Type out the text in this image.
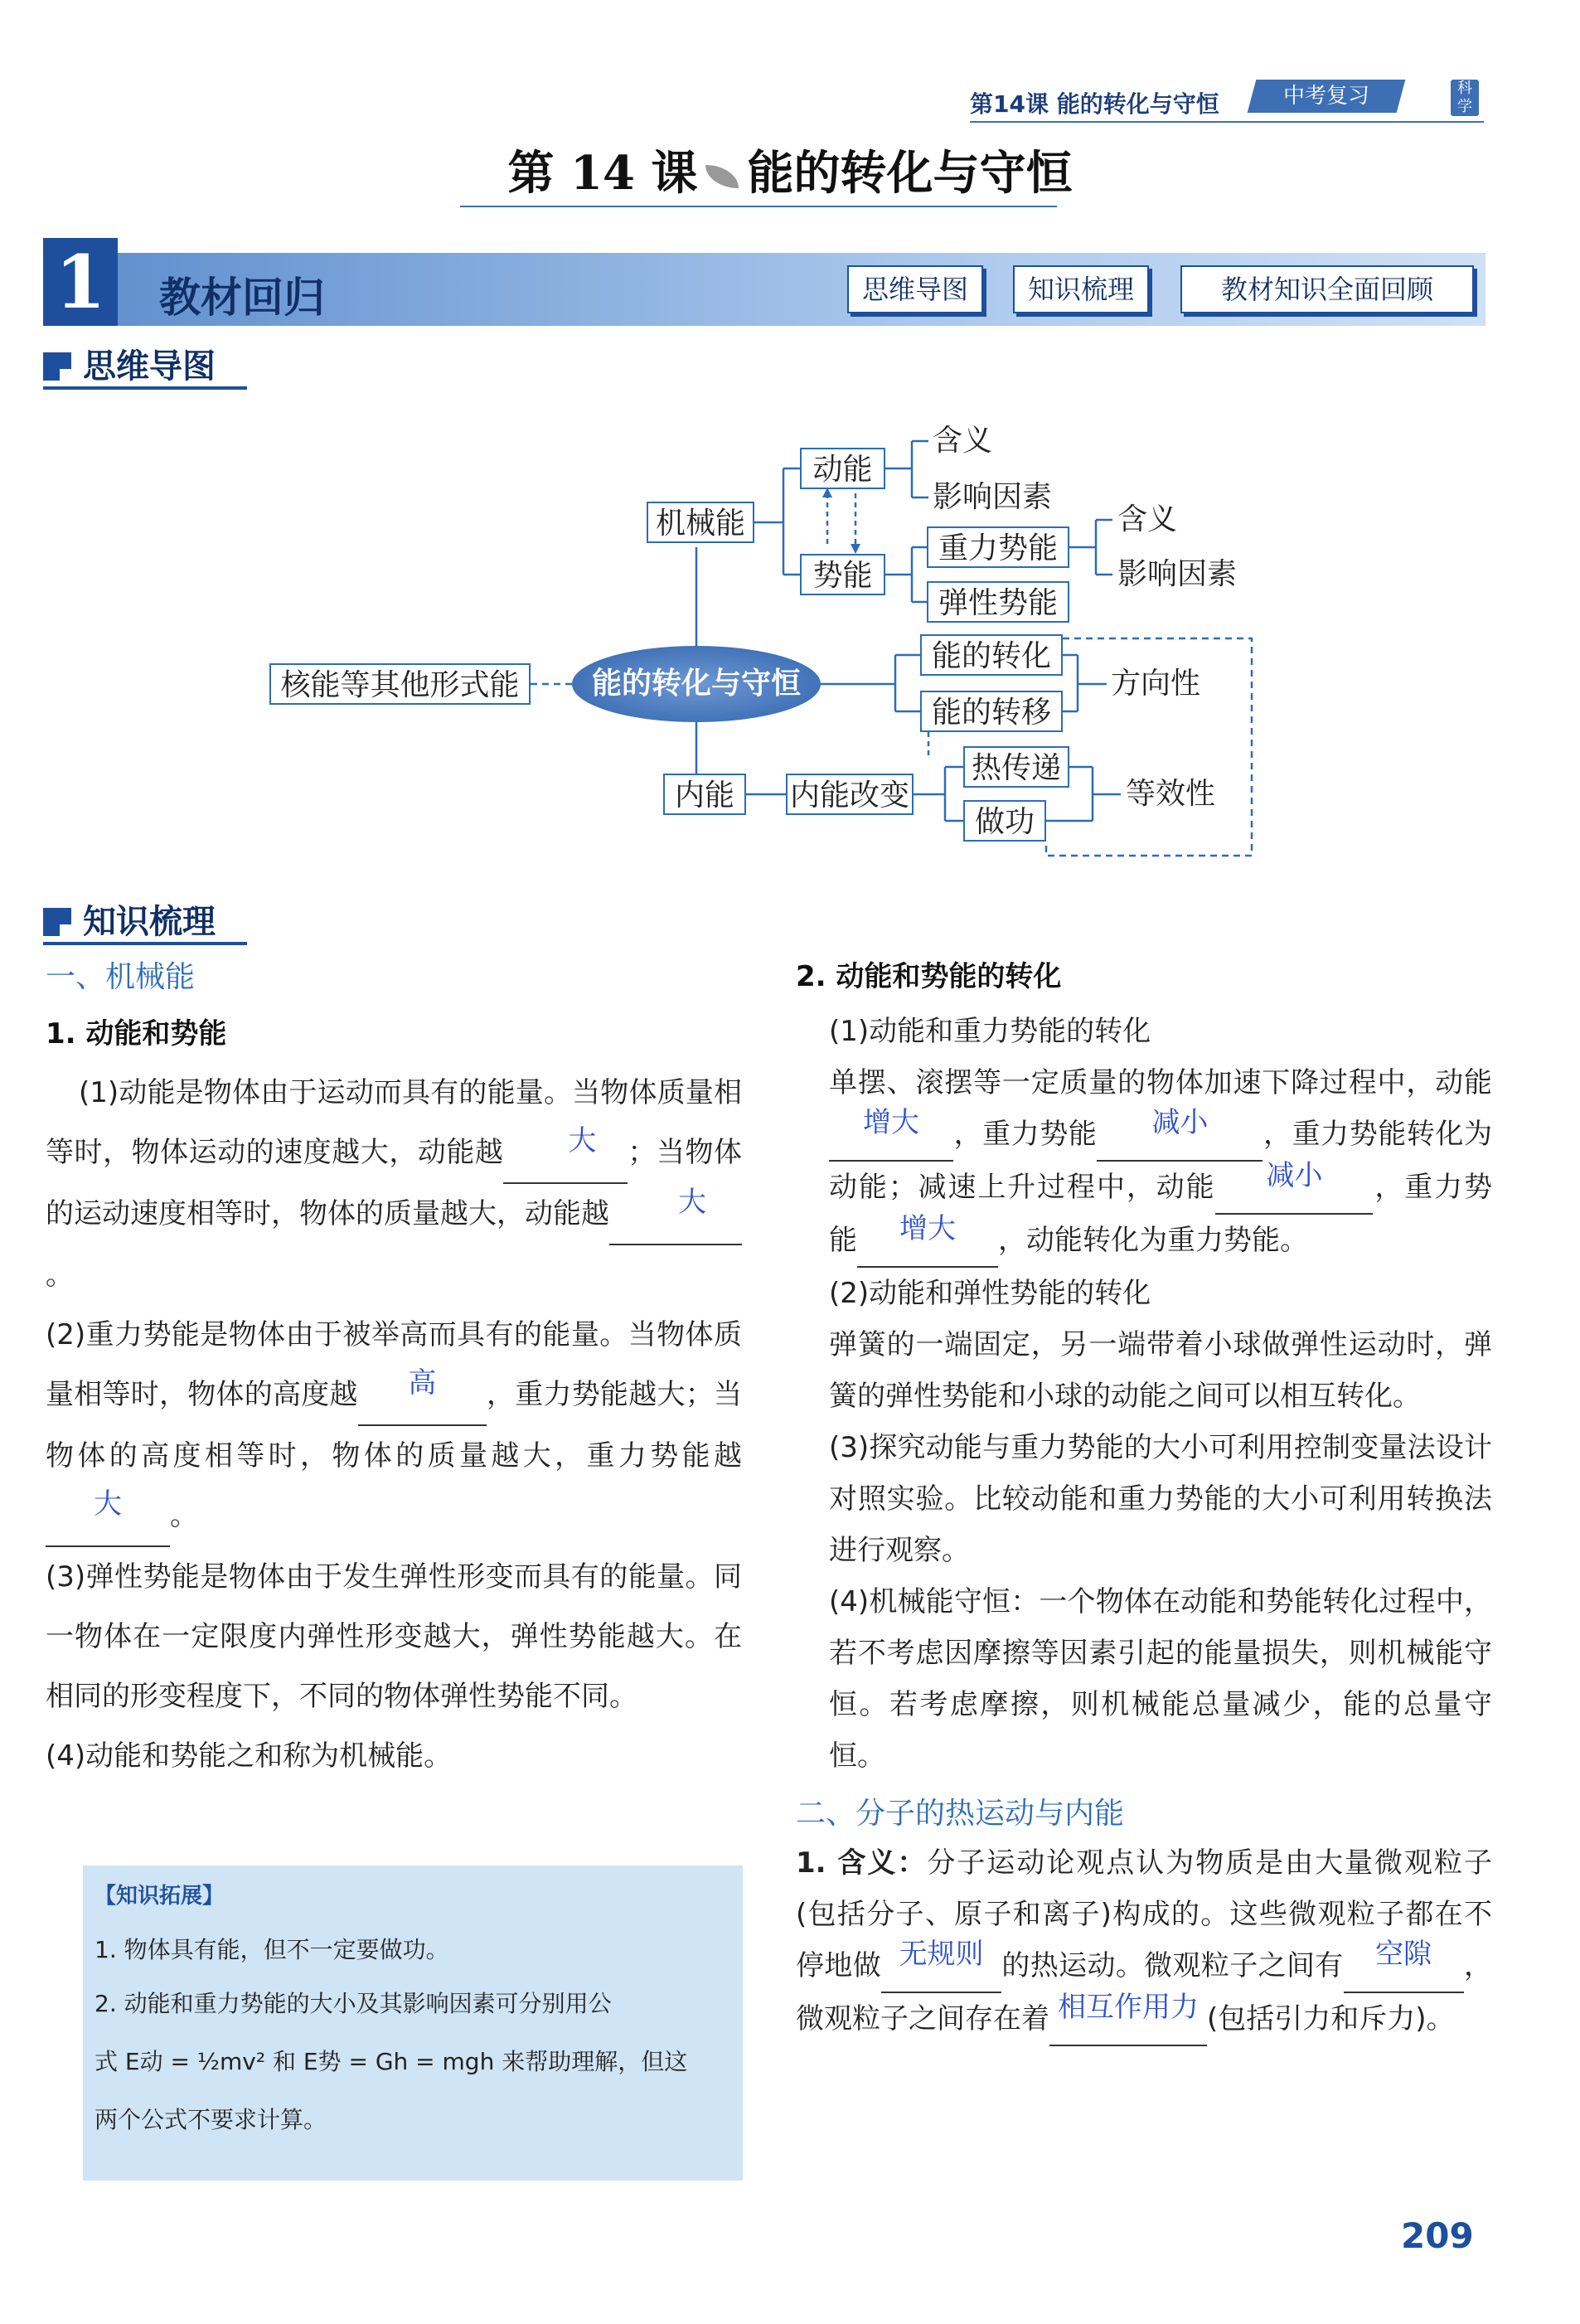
第14课 能的转化与守恒	中考复习	科学
第 14 课 能的转化与守恒
1 教材回归	思维导图	知识梳理	教材知识全面回顾
思维导图
核能等其他形式能	能的转化与守恒
机械能
动能
势能
含义
影响因素
重力势能
弹性势能
含义
影响因素
能的转化
能的转移
方向性
内能	内能改变
热传递
做功
等效性
知识梳理
一、机械能
1. 动能和势能

(1)动能是物体由于运动而具有的能量。当物体质量相等时，物体运动的速度越大，动能越 大 ；当物体的运动速度相等时，物体的质量越大，动能越 大。

(2)重力势能是物体由于被举高而具有的能量。当物体质量相等时，物体的高度越 高 ，重力势能越大；当物体的高度相等时，物体的质量越大，重力势能越大 。

(3)弹性势能是物体由于发生弹性形变而具有的能量。同一物体在一定限度内弹性形变越大，弹性势能越大。在相同的形变程度下，不同的物体弹性势能不同。

(4)动能和势能之和称为机械能。

【知识拓展】
1. 物体具有能，但不一定要做功。
2. 动能和重力势能的大小及其影响因素可分别用公
式 E动 = ½mv² 和 E势 = Gh = mgh 来帮助理解，但这
两个公式不要求计算。
2. 动能和势能的转化

(1)动能和重力势能的转化

单摆、滚摆等一定质量的物体加速下降过程中，动能增大 ，重力势能 减小 ，重力势能转化为动能；减速上升过程中，动能 减小 ，重力势能 增大 ，动能转化为重力势能。

(2)动能和弹性势能的转化

弹簧的一端固定，另一端带着小球做弹性运动时，弹簧的弹性势能和小球的动能之间可以相互转化。

(3)探究动能与重力势能的大小可利用控制变量法设计对照实验。比较动能和重力势能的大小可利用转换法进行观察。

(4)机械能守恒：一个物体在动能和势能转化过程中，若不考虑因摩擦等因素引起的能量损失，则机械能守恒。若考虑摩擦，则机械能总量减少，能的总量守恒。

二、分子的热运动与内能

1. 含义：分子运动论观点认为物质是由大量微观粒子(包括分子、原子和离子)构成的。这些微观粒子都在不停地做 无规则 的热运动。微观粒子之间有 空隙 ，微观粒子之间存在着 相互作用力 (包括引力和斥力)。

209
